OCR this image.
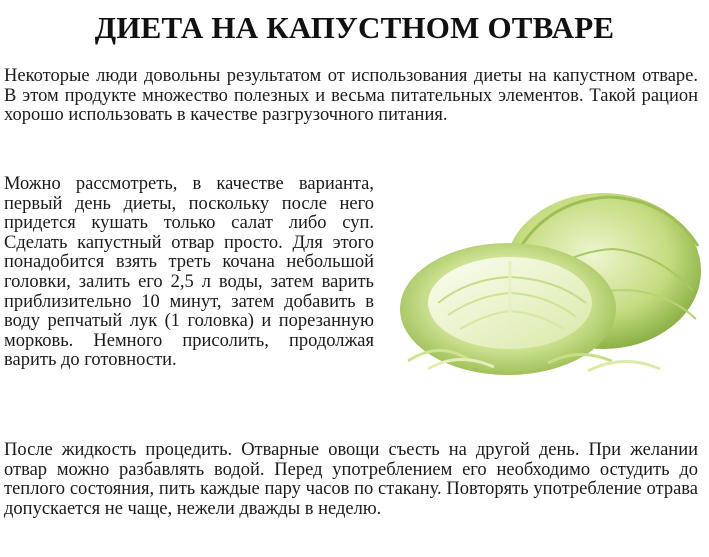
ДИЕТА НА КАПУСТНОМ ОТВАРЕ

Некоторые люди довольны результатом от использования диеты на капустном отваре. В этом продукте множество полезных и весьма питательных элементов. Такой рацион хорошо использовать в качестве разгрузочного питания.

Можно рассмотреть, в качестве варианта, первый день диеты, поскольку после него придется кушать только салат либо суп. Сделать капустный отвар просто. Для этого понадобится взять треть кочана небольшой головки, залить его 2,5 л воды, затем варить приблизительно 10 минут, затем добавить в воду репчатый лук (1 головка) и порезанную морковь. Немного присолить, продолжая варить до готовности.	Fisher.I

После жидкость процедить. Отварные овощи съесть на другой день. При желании отвар можно разбавлять водой. Перед употреблением его необходимо остудить до теплого состояния, пить каждые пару часов по стакану. Повторять употребление отрава допускается не чаще, нежели дважды в неделю.
